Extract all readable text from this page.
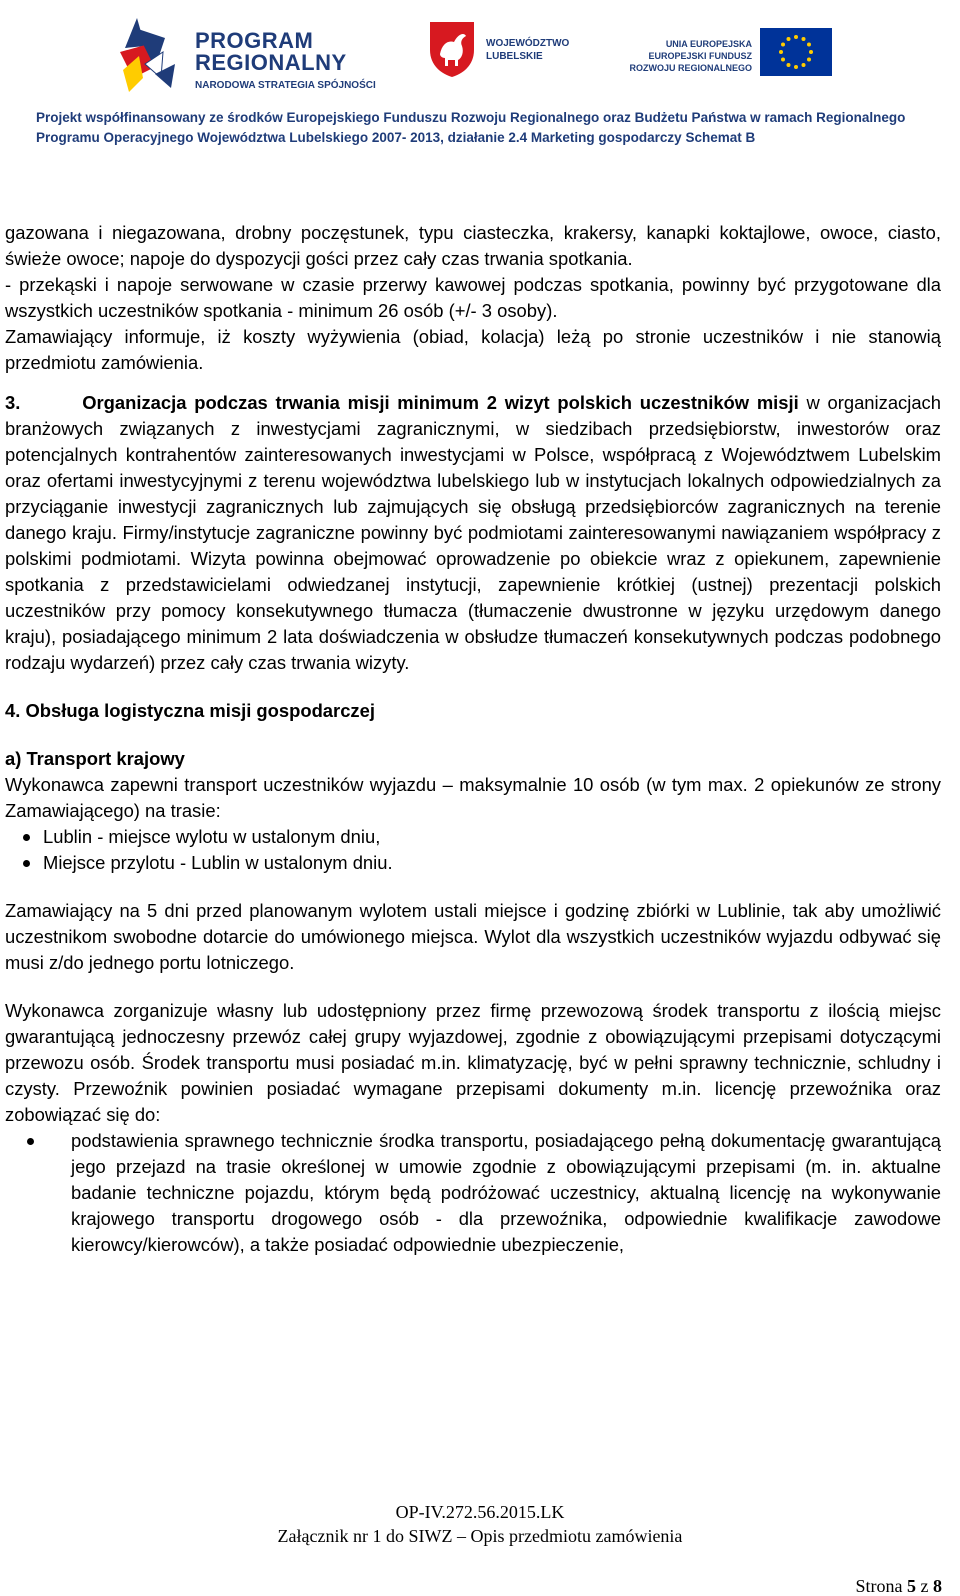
PROGRAM
REGIONALNY
NARODOWA STRATEGIA SPÓJNOŚCI
WOJEWÓDZTWO
LUBELSKIE
UNIA EUROPEJSKA
EUROPEJSKI FUNDUSZ
ROZWOJU REGIONALNEGO
Projekt współfinansowany ze środków Europejskiego Funduszu Rozwoju Regionalnego oraz Budżetu Państwa w ramach Regionalnego
Programu Operacyjnego Województwa Lubelskiego 2007- 2013, działanie 2.4 Marketing gospodarczy Schemat B

gazowana i niegazowana, drobny poczęstunek, typu ciasteczka, krakersy, kanapki koktajlowe, owoce, ciasto, świeże owoce; napoje do dyspozycji gości przez cały czas trwania spotkania.

- przekąski i napoje serwowane w czasie przerwy kawowej podczas spotkania, powinny być przygotowane dla wszystkich uczestników spotkania - minimum 26 osób (+/- 3 osoby).

Zamawiający informuje, iż koszty wyżywienia (obiad, kolacja) leżą po stronie uczestników i nie stanowią przedmiotu zamówienia.

3.	Organizacja podczas trwania misji minimum 2 wizyt polskich uczestników misji w organizacjach branżowych związanych z inwestycjami zagranicznymi, w siedzibach przedsiębiorstw, inwestorów oraz potencjalnych kontrahentów zainteresowanych inwestycjami w Polsce, współpracą z Województwem Lubelskim oraz ofertami inwestycyjnymi z terenu województwa lubelskiego lub w instytucjach lokalnych odpowiedzialnych za przyciąganie inwestycji zagranicznych lub zajmujących się obsługą przedsiębiorców zagranicznych na terenie danego kraju. Firmy/instytucje zagraniczne powinny być podmiotami zainteresowanymi nawiązaniem współpracy z polskimi podmiotami. Wizyta powinna obejmować oprowadzenie po obiekcie wraz z opiekunem, zapewnienie spotkania z przedstawicielami odwiedzanej instytucji, zapewnienie krótkiej (ustnej) prezentacji polskich uczestników przy pomocy konsekutywnego tłumacza (tłumaczenie dwustronne w języku urzędowym danego kraju), posiadającego minimum 2 lata doświadczenia w obsłudze tłumaczeń konsekutywnych podczas podobnego rodzaju wydarzeń) przez cały czas trwania wizyty.

4. Obsługa logistyczna misji gospodarczej

a) Transport krajowy

Wykonawca zapewni transport uczestników wyjazdu – maksymalnie 10 osób (w tym max. 2 opiekunów ze strony Zamawiającego) na trasie:

Lublin - miejsce wylotu w ustalonym dniu,
Miejsce przylotu - Lublin w ustalonym dniu.

Zamawiający na 5 dni przed planowanym wylotem ustali miejsce i godzinę zbiórki w Lublinie, tak aby umożliwić uczestnikom swobodne dotarcie do umówionego miejsca. Wylot dla wszystkich uczestników wyjazdu odbywać się musi z/do jednego portu lotniczego.

Wykonawca zorganizuje własny lub udostępniony przez firmę przewozową środek transportu z ilością miejsc gwarantującą jednoczesny przewóz całej grupy wyjazdowej, zgodnie z obowiązującymi przepisami dotyczącymi przewozu osób. Środek transportu musi posiadać m.in. klimatyzację, być w pełni sprawny technicznie, schludny i czysty. Przewoźnik powinien posiadać wymagane przepisami dokumenty m.in. licencję przewoźnika oraz zobowiązać się do:

podstawienia sprawnego technicznie środka transportu, posiadającego pełną dokumentację gwarantującą jego przejazd na trasie określonej w umowie zgodnie z obowiązującymi przepisami (m. in. aktualne badanie techniczne pojazdu, którym będą podróżować uczestnicy, aktualną licencję na wykonywanie krajowego transportu drogowego osób - dla przewoźnika, odpowiednie kwalifikacje zawodowe kierowcy/kierowców), a także posiadać odpowiednie ubezpieczenie,
OP-IV.272.56.2015.LK
Załącznik nr 1 do SIWZ – Opis przedmiotu zamówienia
Strona 5 z 8
